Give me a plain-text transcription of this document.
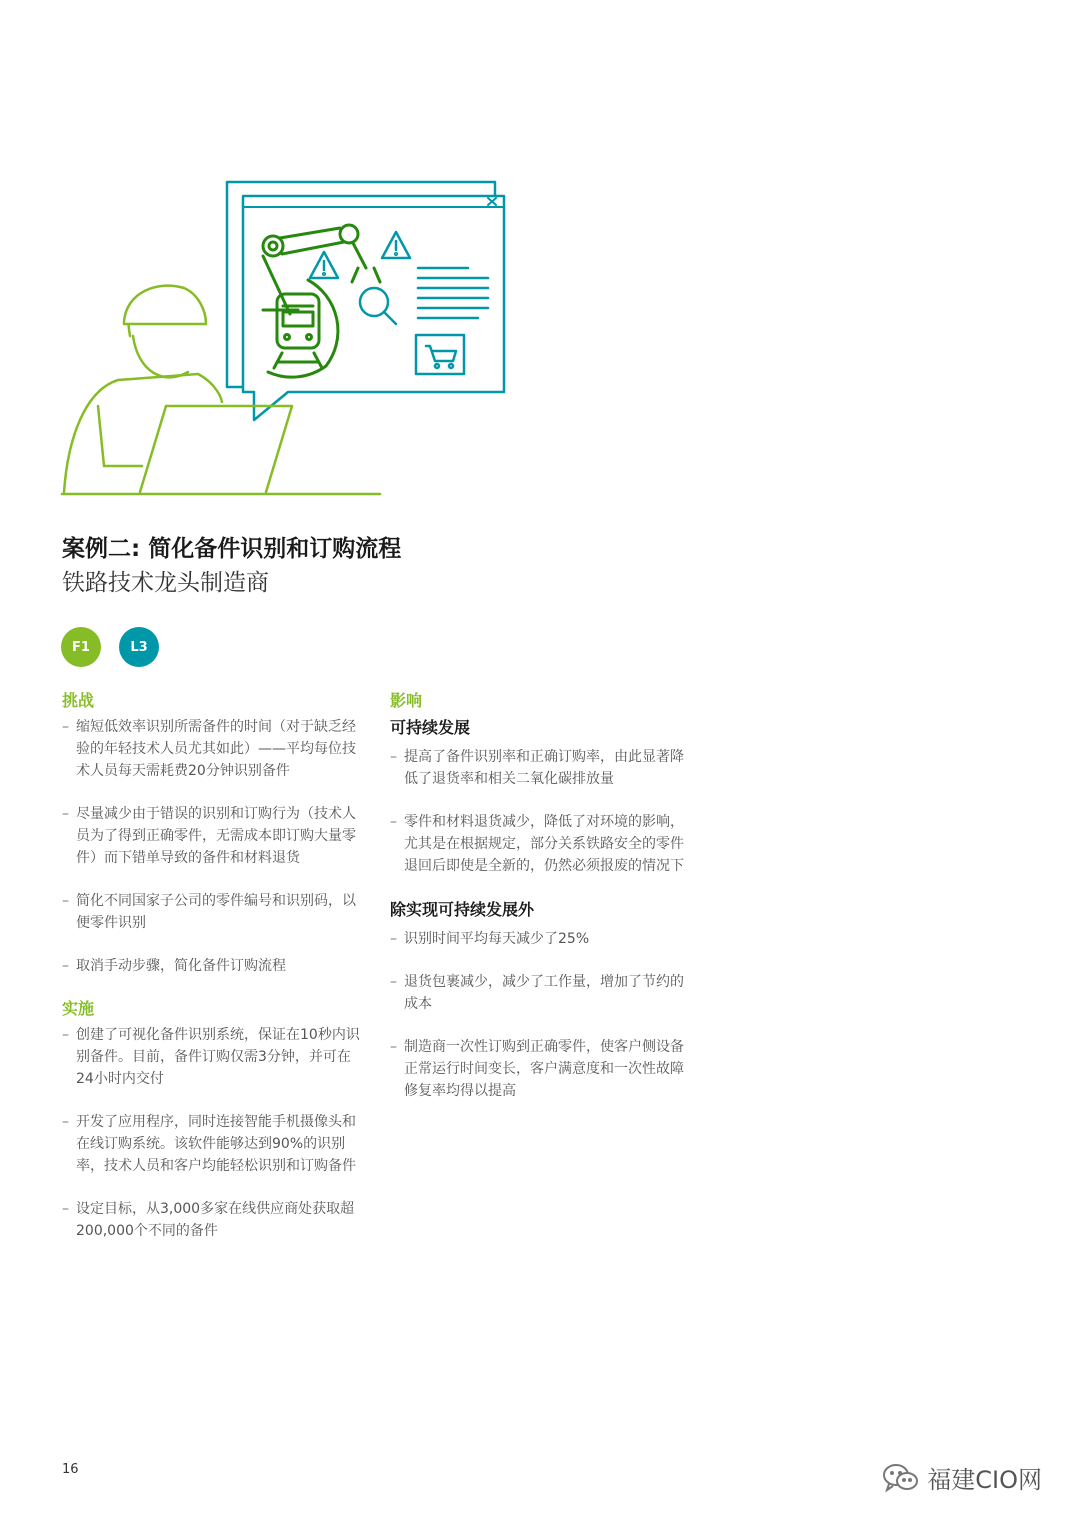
案例二: 简化备件识别和订购流程

铁路技术龙头制造商

F1	L3

挑战

– 缩短低效率识别所需备件的时间（对于缺乏经验的年轻技术人员尤其如此）——平均每位技术人员每天需耗费20分钟识别备件
– 尽量减少由于错误的识别和订购行为（技术人员为了得到正确零件，无需成本即订购大量零件）而下错单导致的备件和材料退货
– 简化不同国家子公司的零件编号和识别码，以便零件识别
– 取消手动步骤，简化备件订购流程

实施

– 创建了可视化备件识别系统，保证在10秒内识别备件。目前，备件订购仅需3分钟，并可在24小时内交付
– 开发了应用程序，同时连接智能手机摄像头和在线订购系统。该软件能够达到90%的识别率，技术人员和客户均能轻松识别和订购备件
– 设定目标，从3,000多家在线供应商处获取超200,000个不同的备件

影响

可持续发展

– 提高了备件识别率和正确订购率，由此显著降低了退货率和相关二氧化碳排放量
– 零件和材料退货减少，降低了对环境的影响，尤其是在根据规定，部分关系铁路安全的零件退回后即使是全新的，仍然必须报废的情况下

除实现可持续发展外

– 识别时间平均每天减少了25%
– 退货包裹减少，减少了工作量，增加了节约的成本
– 制造商一次性订购到正确零件，使客户侧设备正常运行时间变长，客户满意度和一次性故障修复率均得以提高
16	福建CIO网
